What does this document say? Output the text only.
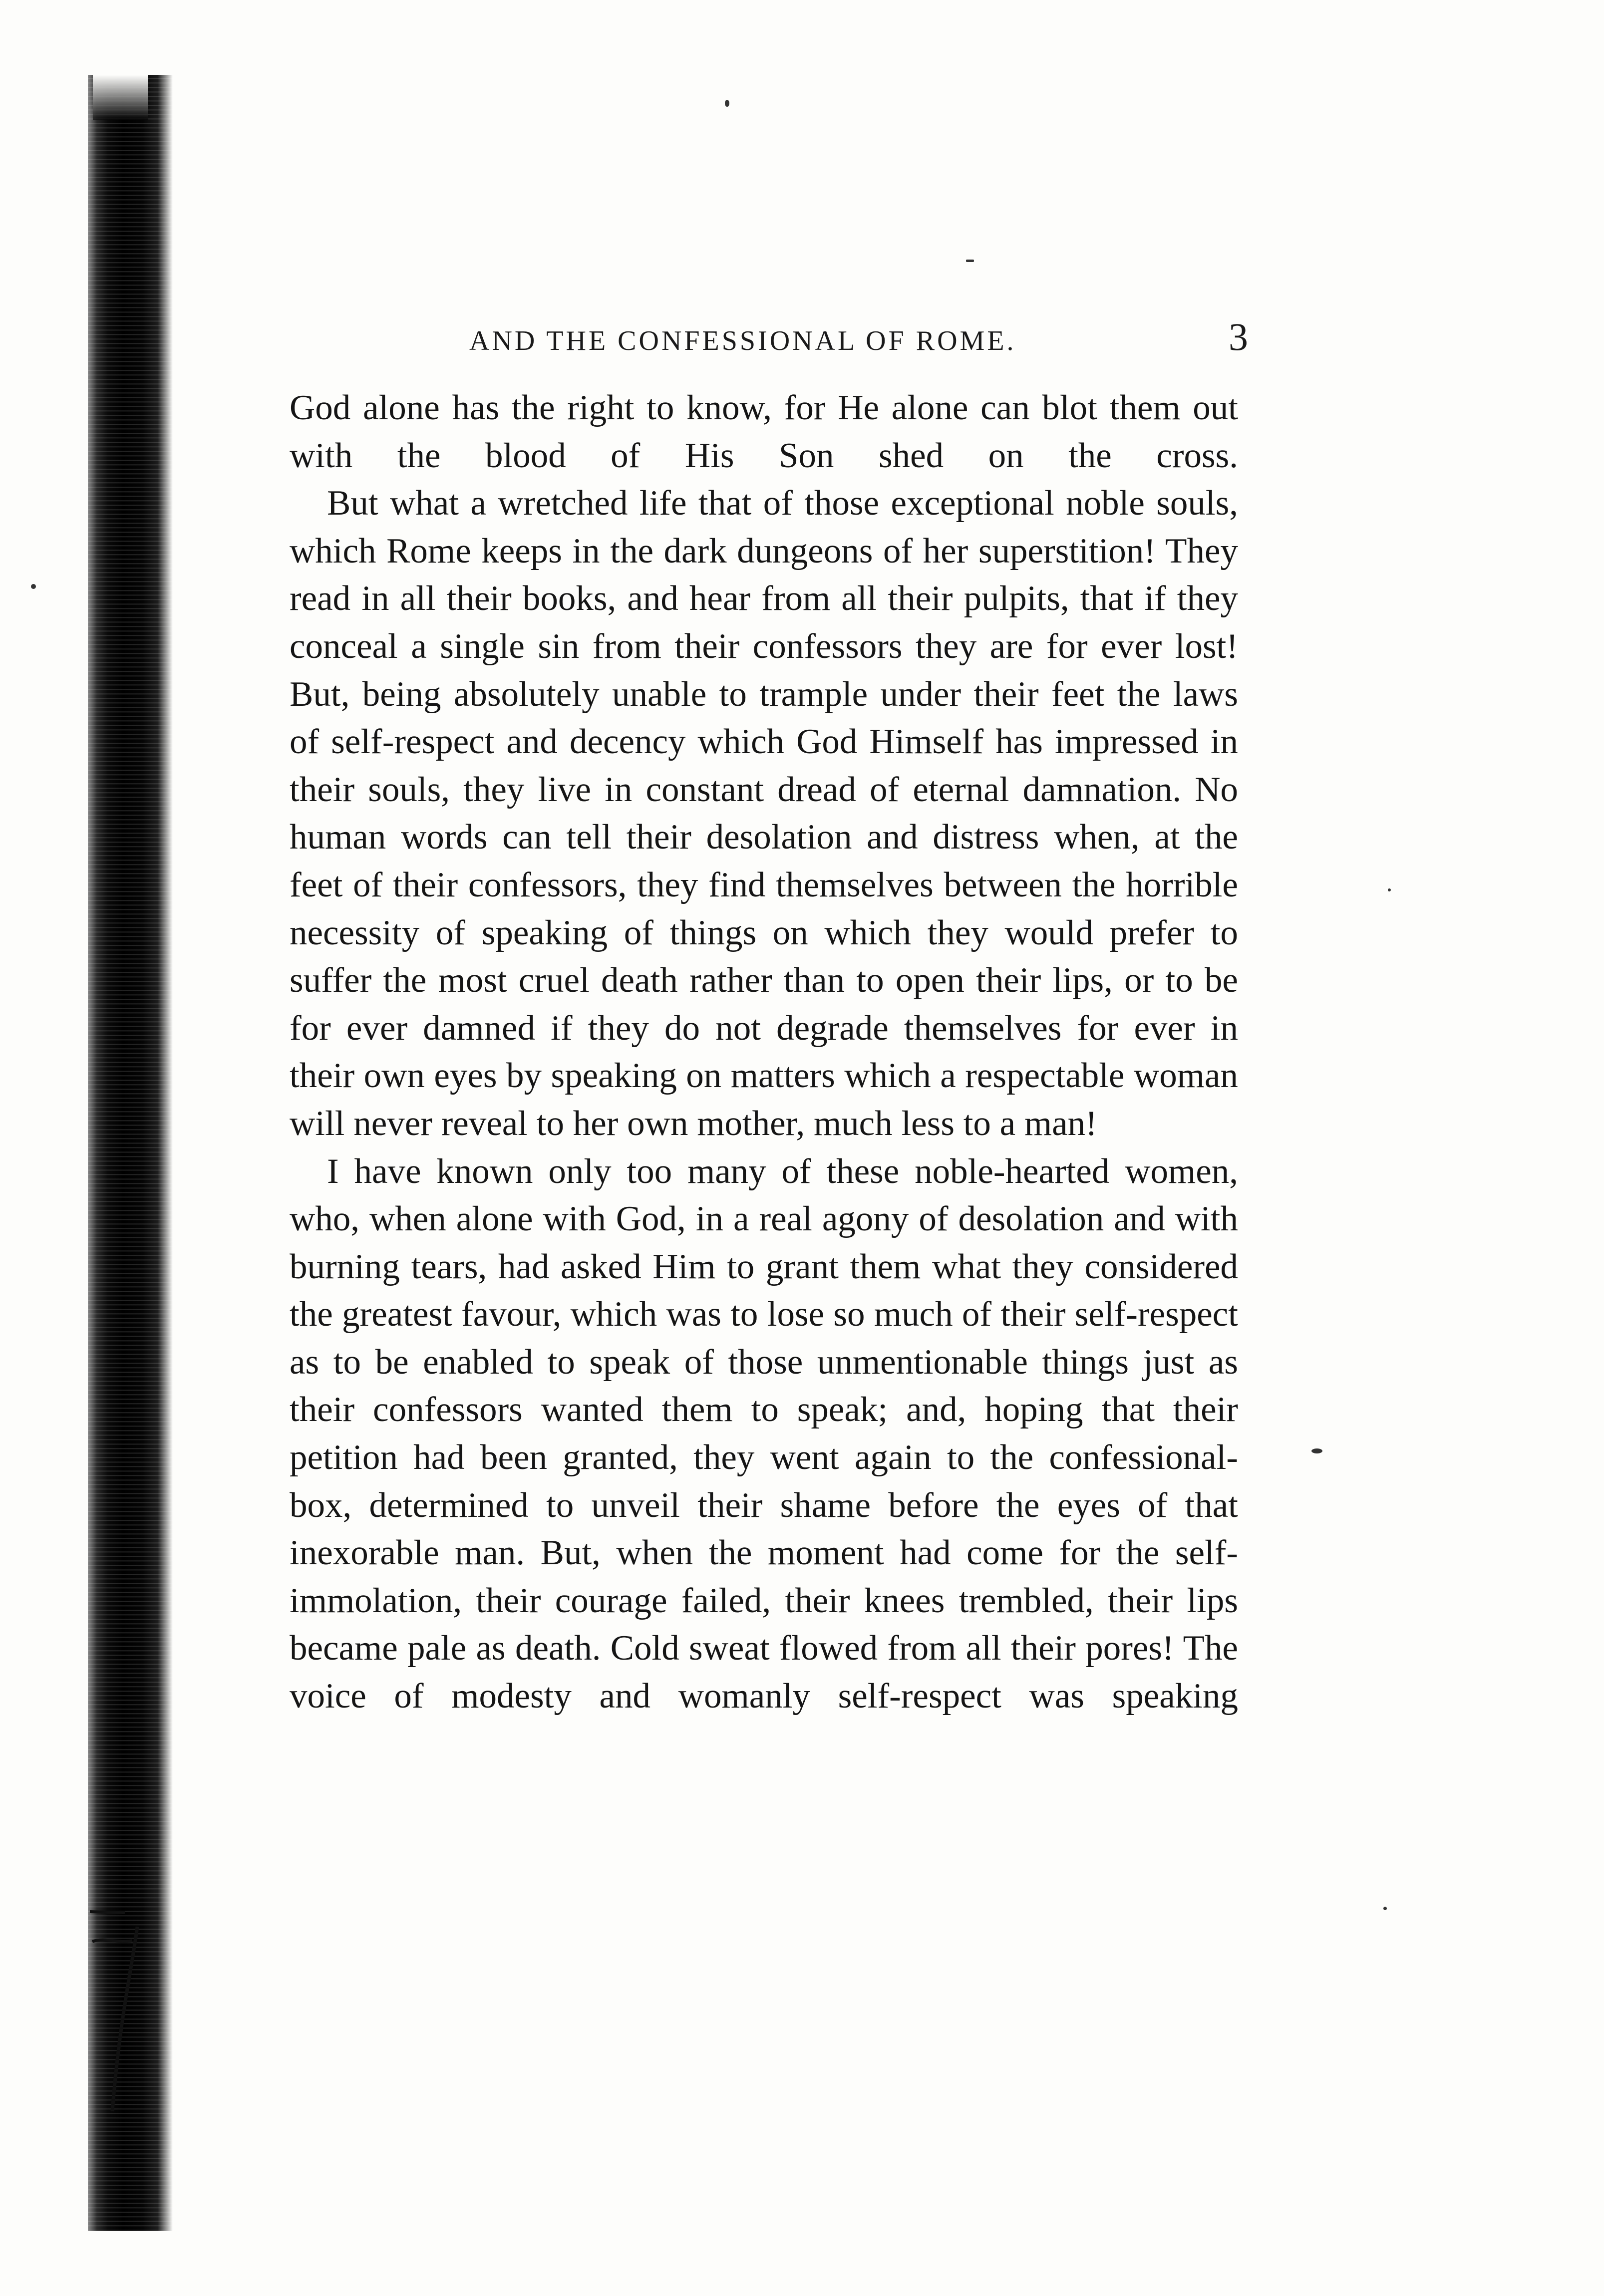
AND THE CONFESSIONAL OF ROME.	3

God alone has the right to know, for He alone can blot them out with the blood of His Son shed on the cross.

But what a wretched life that of those exceptional noble souls, which Rome keeps in the dark dungeons of her superstition! They read in all their books, and hear from all their pulpits, that if they conceal a single sin from their confessors they are for ever lost! But, being absolutely unable to trample under their feet the laws of self-respect and decency which God Himself has impressed in their souls, they live in constant dread of eternal damnation. No human words can tell their desolation and distress when, at the feet of their confessors, they find themselves between the horrible necessity of speaking of things on which they would prefer to suffer the most cruel death rather than to open their lips, or to be for ever damned if they do not degrade themselves for ever in their own eyes by speaking on matters which a respectable woman will never reveal to her own mother, much less to a man!

I have known only too many of these noble-hearted women, who, when alone with God, in a real agony of desolation and with burning tears, had asked Him to grant them what they considered the greatest favour, which was to lose so much of their self-respect as to be enabled to speak of those unmentionable things just as their confessors wanted them to speak; and, hoping that their petition had been granted, they went again to the confessional-box, determined to unveil their shame before the eyes of that inexorable man. But, when the moment had come for the self-immolation, their courage failed, their knees trembled, their lips became pale as death. Cold sweat flowed from all their pores! The voice of modesty and womanly self-respect was speaking
